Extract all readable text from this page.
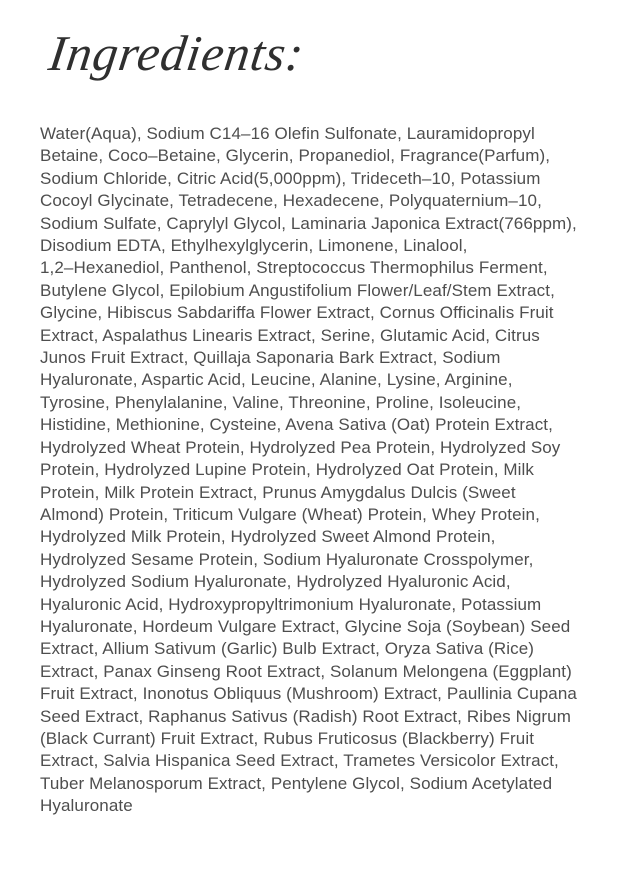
Ingredients:
Water(Aqua), Sodium C14–16 Olefin Sulfonate, Lauramidopropyl
Betaine, Coco–Betaine, Glycerin, Propanediol, Fragrance(Parfum),
Sodium Chloride, Citric Acid(5,000ppm), Trideceth–10, Potassium
Cocoyl Glycinate, Tetradecene, Hexadecene, Polyquaternium–10,
Sodium Sulfate, Caprylyl Glycol, Laminaria Japonica Extract(766ppm),
Disodium EDTA, Ethylhexylglycerin, Limonene, Linalool,
1,2–Hexanediol, Panthenol, Streptococcus Thermophilus Ferment,
Butylene Glycol, Epilobium Angustifolium Flower/Leaf/Stem Extract,
Glycine, Hibiscus Sabdariffa Flower Extract, Cornus Officinalis Fruit
Extract, Aspalathus Linearis Extract, Serine, Glutamic Acid, Citrus
Junos Fruit Extract, Quillaja Saponaria Bark Extract, Sodium
Hyaluronate, Aspartic Acid, Leucine, Alanine, Lysine, Arginine,
Tyrosine, Phenylalanine, Valine, Threonine, Proline, Isoleucine,
Histidine, Methionine, Cysteine, Avena Sativa (Oat) Protein Extract,
Hydrolyzed Wheat Protein, Hydrolyzed Pea Protein, Hydrolyzed Soy
Protein, Hydrolyzed Lupine Protein, Hydrolyzed Oat Protein, Milk
Protein, Milk Protein Extract, Prunus Amygdalus Dulcis (Sweet
Almond) Protein, Triticum Vulgare (Wheat) Protein, Whey Protein,
Hydrolyzed Milk Protein, Hydrolyzed Sweet Almond Protein,
Hydrolyzed Sesame Protein, Sodium Hyaluronate Crosspolymer,
Hydrolyzed Sodium Hyaluronate, Hydrolyzed Hyaluronic Acid,
Hyaluronic Acid, Hydroxypropyltrimonium Hyaluronate, Potassium
Hyaluronate, Hordeum Vulgare Extract, Glycine Soja (Soybean) Seed
Extract, Allium Sativum (Garlic) Bulb Extract, Oryza Sativa (Rice)
Extract, Panax Ginseng Root Extract, Solanum Melongena (Eggplant)
Fruit Extract, Inonotus Obliquus (Mushroom) Extract, Paullinia Cupana
Seed Extract, Raphanus Sativus (Radish) Root Extract, Ribes Nigrum
(Black Currant) Fruit Extract, Rubus Fruticosus (Blackberry) Fruit
Extract, Salvia Hispanica Seed Extract, Trametes Versicolor Extract,
Tuber Melanosporum Extract, Pentylene Glycol, Sodium Acetylated
Hyaluronate
